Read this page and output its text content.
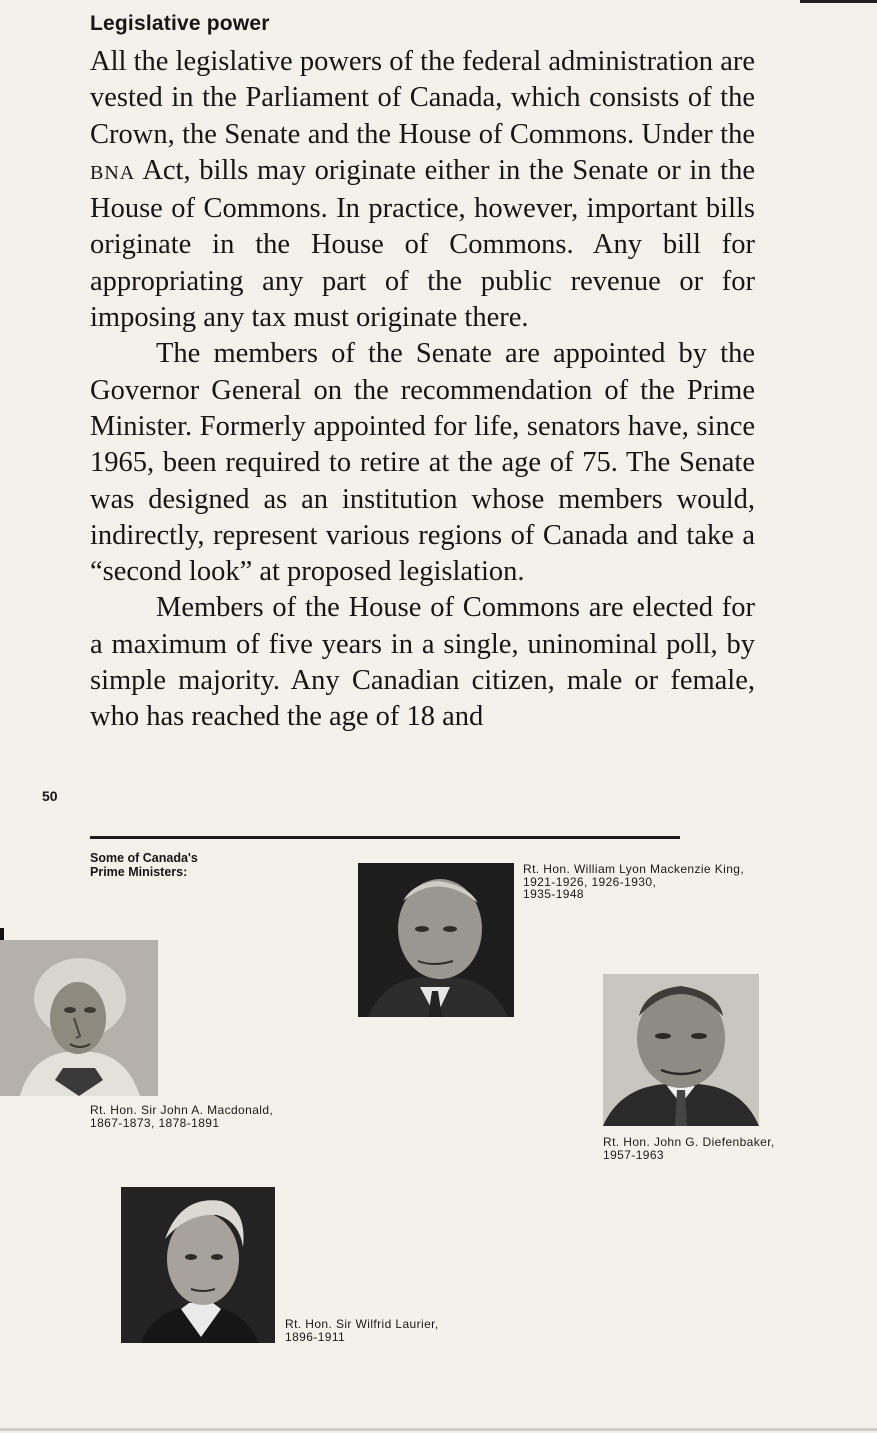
Legislative power

All the legislative powers of the federal administration are vested in the Parliament of Canada, which consists of the Crown, the Senate and the House of Commons. Under the BNA Act, bills may originate either in the Senate or in the House of Commons. In practice, however, important bills originate in the House of Commons. Any bill for appropriating any part of the public revenue or for imposing any tax must originate there.

The members of the Senate are appointed by the Governor General on the recommendation of the Prime Minister. Formerly appointed for life, senators have, since 1965, been required to retire at the age of 75. The Senate was designed as an institution whose members would, indirectly, represent various regions of Canada and take a “second look” at proposed legislation.

Members of the House of Commons are elected for a maximum of five years in a single, uninominal poll, by simple majority. Any Canadian citizen, male or female, who has reached the age of 18 and

50
Some of Canada's
Prime Ministers:
Rt. Hon. Sir John A. Macdonald,
1867-1873, 1878-1891
Rt. Hon. William Lyon Mackenzie King,
1921-1926, 1926-1930,
1935-1948
Rt. Hon. John G. Diefenbaker,
1957-1963
Rt. Hon. Sir Wilfrid Laurier,
1896-1911
